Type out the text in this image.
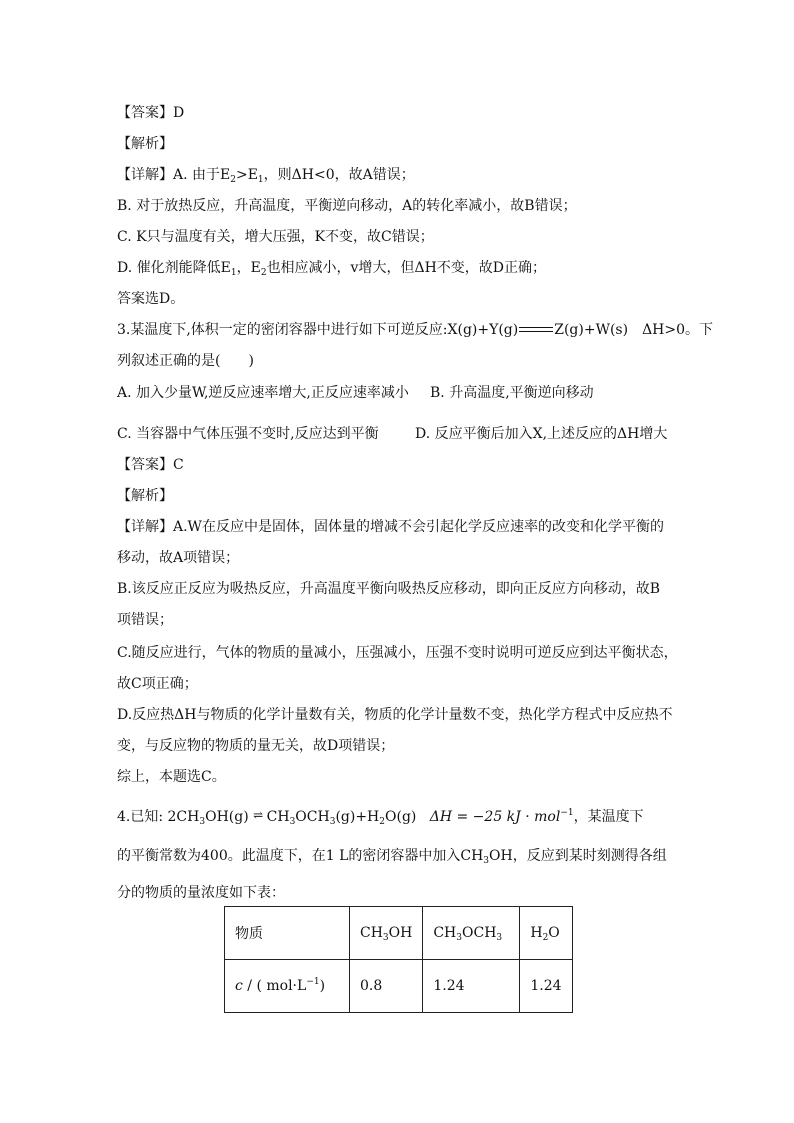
【答案】D
【解析】
【详解】A. 由于$E_2>E_1$，则ΔH<0，故A错误；
B. 对于放热反应，升高温度，平衡逆向移动，A的转化率减小，故B错误；
C. K只与温度有关，增大压强，K不变，故C错误；
D. 催化剂能降低$E_1$，$E_2$也相应减小，v增大，但ΔH不变，故D正确；
答案选D。
3.某温度下,体积一定的密闭容器中进行如下可逆反应:X(g)+Y(g)	Z(g)+W(s)　ΔH>0。下
列叙述正确的是(　　)
A. 加入少量W,逆反应速率增大,正反应速率减小 B. 升高温度,平衡逆向移动
C. 当容器中气体压强不变时,反应达到平衡	D. 反应平衡后加入X,上述反应的ΔH增大
【答案】C
【解析】
【详解】A.W在反应中是固体，固体量的增减不会引起化学反应速率的改变和化学平衡的
移动，故A项错误；
B.该反应正反应为吸热反应，升高温度平衡向吸热反应移动，即向正反应方向移动，故B
项错误；
C.随反应进行，气体的物质的量减小，压强减小，压强不变时说明可逆反应到达平衡状态，
故C项正确；
D.反应热ΔH与物质的化学计量数有关，物质的化学计量数不变，热化学方程式中反应热不
变，与反应物的物质的量无关，故D项错误；
综上，本题选C。
4.已知: $2CH_3OH(g)$ ⇌ $CH_3OCH_3(g)+H_2O(g) \Delta H = -25$ kJ · mol$^{-1}$，某温度下
的平衡常数为400。此温度下，在1 L的密闭容器中加入$CH_3OH$，反应到某时刻测得各组
分的物质的量浓度如下表：
物质	$CH_3OH$	$CH_3OCH_3$	$H_2O$
c / ( $mol\cdot L^{-1}$)	0.8	1.24	1.24
